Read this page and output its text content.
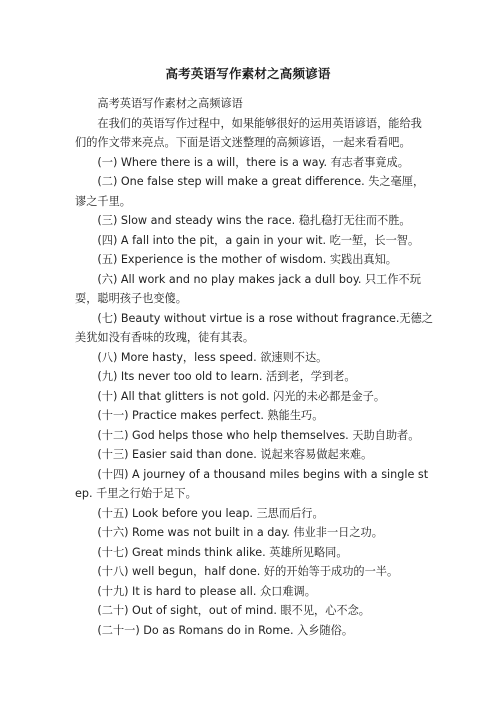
高考英语写作素材之高频谚语

高考英语写作素材之高频谚语

在我们的英语写作过程中，如果能够很好的运用英语谚语，能给我们的作文带来亮点。下面是语文迷整理的高频谚语，一起来看看吧。

(一) Where there is a will，there is a way. 有志者事竟成。

(二) One false step will make a great difference. 失之毫厘，谬之千里。

(三) Slow and steady wins the race. 稳扎稳打无往而不胜。

(四) A fall into the pit，a gain in your wit. 吃一堑，长一智。

(五) Experience is the mother of wisdom. 实践出真知。

(六) All work and no play makes jack a dull boy. 只工作不玩耍，聪明孩子也变傻。

(七) Beauty without virtue is a rose without fragrance.无德之美犹如没有香味的玫瑰，徒有其表。

(八) More hasty，less speed. 欲速则不达。

(九) Its never too old to learn. 活到老，学到老。

(十) All that glitters is not gold. 闪光的未必都是金子。

(十一) Practice makes perfect. 熟能生巧。

(十二) God helps those who help themselves. 天助自助者。

(十三) Easier said than done. 说起来容易做起来难。

(十四) A journey of a thousand miles begins with a single step. 千里之行始于足下。

(十五) Look before you leap. 三思而后行。

(十六) Rome was not built in a day. 伟业非一日之功。

(十七) Great minds think alike. 英雄所见略同。

(十八) well begun，half done. 好的开始等于成功的一半。

(十九) It is hard to please all. 众口难调。

(二十) Out of sight，out of mind. 眼不见，心不念。

(二十一) Do as Romans do in Rome. 入乡随俗。
